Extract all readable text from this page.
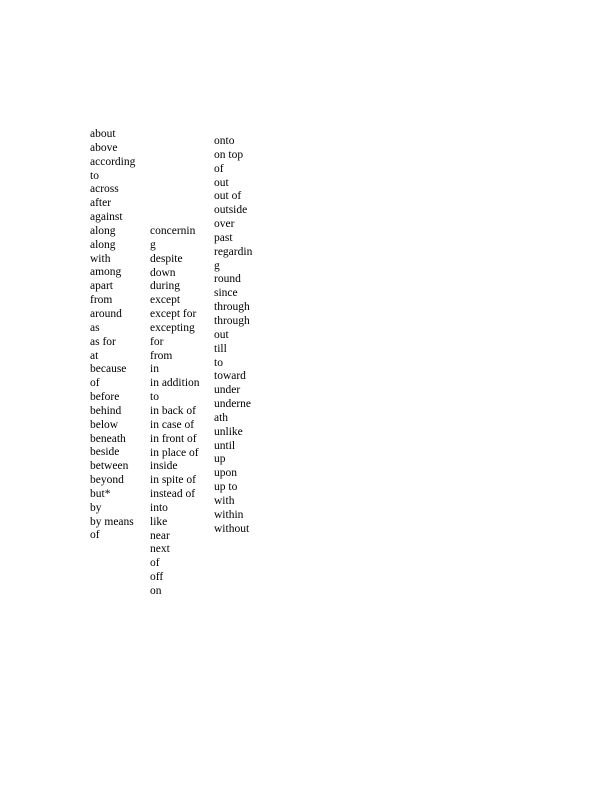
about
above
according
to
across
after
against
along
along
with
among
apart
from
around
as
as for
at
because
of
before
behind
below
beneath
beside
between
beyond
but*
by
by means
of
concernin
g
despite
down
during
except
except for
excepting
for
from
in
in addition
to
in back of
in case of
in front of
in place of
inside
in spite of
instead of
into
like
near
next
of
off
on
onto
on top
of
out
out of
outside
over
past
regardin
g
round
since
through
through
out
till
to
toward
under
underne
ath
unlike
until
up
upon
up to
with
within
without
